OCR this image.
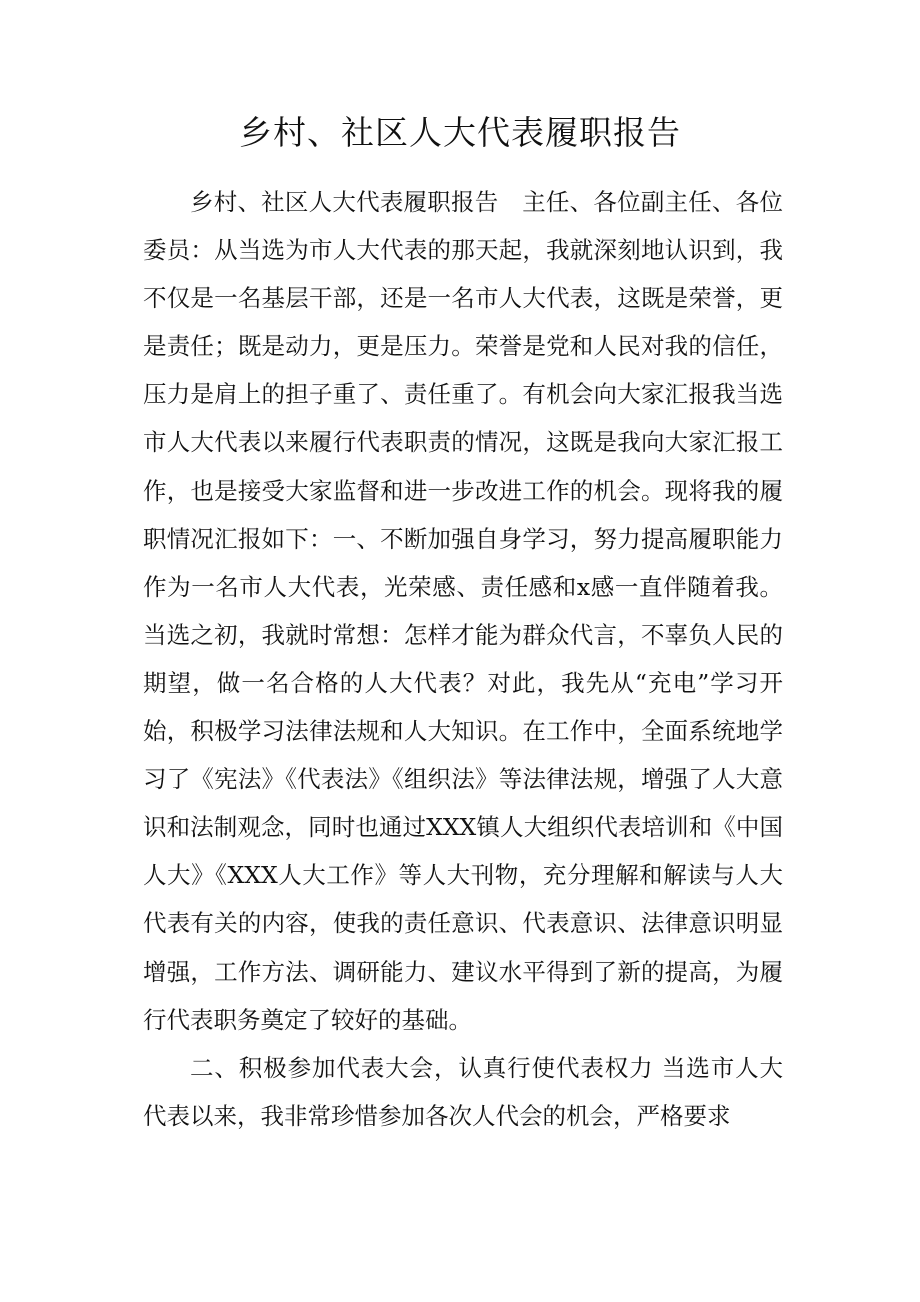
乡村、社区人大代表履职报告

乡村、社区人大代表履职报告　主任、各位副主任、各位委员：从当选为市人大代表的那天起，我就深刻地认识到，我不仅是一名基层干部，还是一名市人大代表，这既是荣誉，更是责任；既是动力，更是压力。荣誉是党和人民对我的信任，压力是肩上的担子重了、责任重了。有机会向大家汇报我当选市人大代表以来履行代表职责的情况，这既是我向大家汇报工作，也是接受大家监督和进一步改进工作的机会。现将我的履职情况汇报如下：一、不断加强自身学习，努力提高履职能力 作为一名市人大代表，光荣感、责任感和x感一直伴随着我。当选之初，我就时常想：怎样才能为群众代言，不辜负人民的期望，做一名合格的人大代表？对此，我先从“充电”学习开始，积极学习法律法规和人大知识。在工作中，全面系统地学习了《宪法》《代表法》《组织法》等法律法规，增强了人大意识和法制观念，同时也通过XXX镇人大组织代表培训和《中国人大》《XXX人大工作》等人大刊物，充分理解和解读与人大代表有关的内容，使我的责任意识、代表意识、法律意识明显增强，工作方法、调研能力、建议水平得到了新的提高，为履行代表职务奠定了较好的基础。

二、积极参加代表大会，认真行使代表权力 当选市人大代表以来，我非常珍惜参加各次人代会的机会，严格要求
